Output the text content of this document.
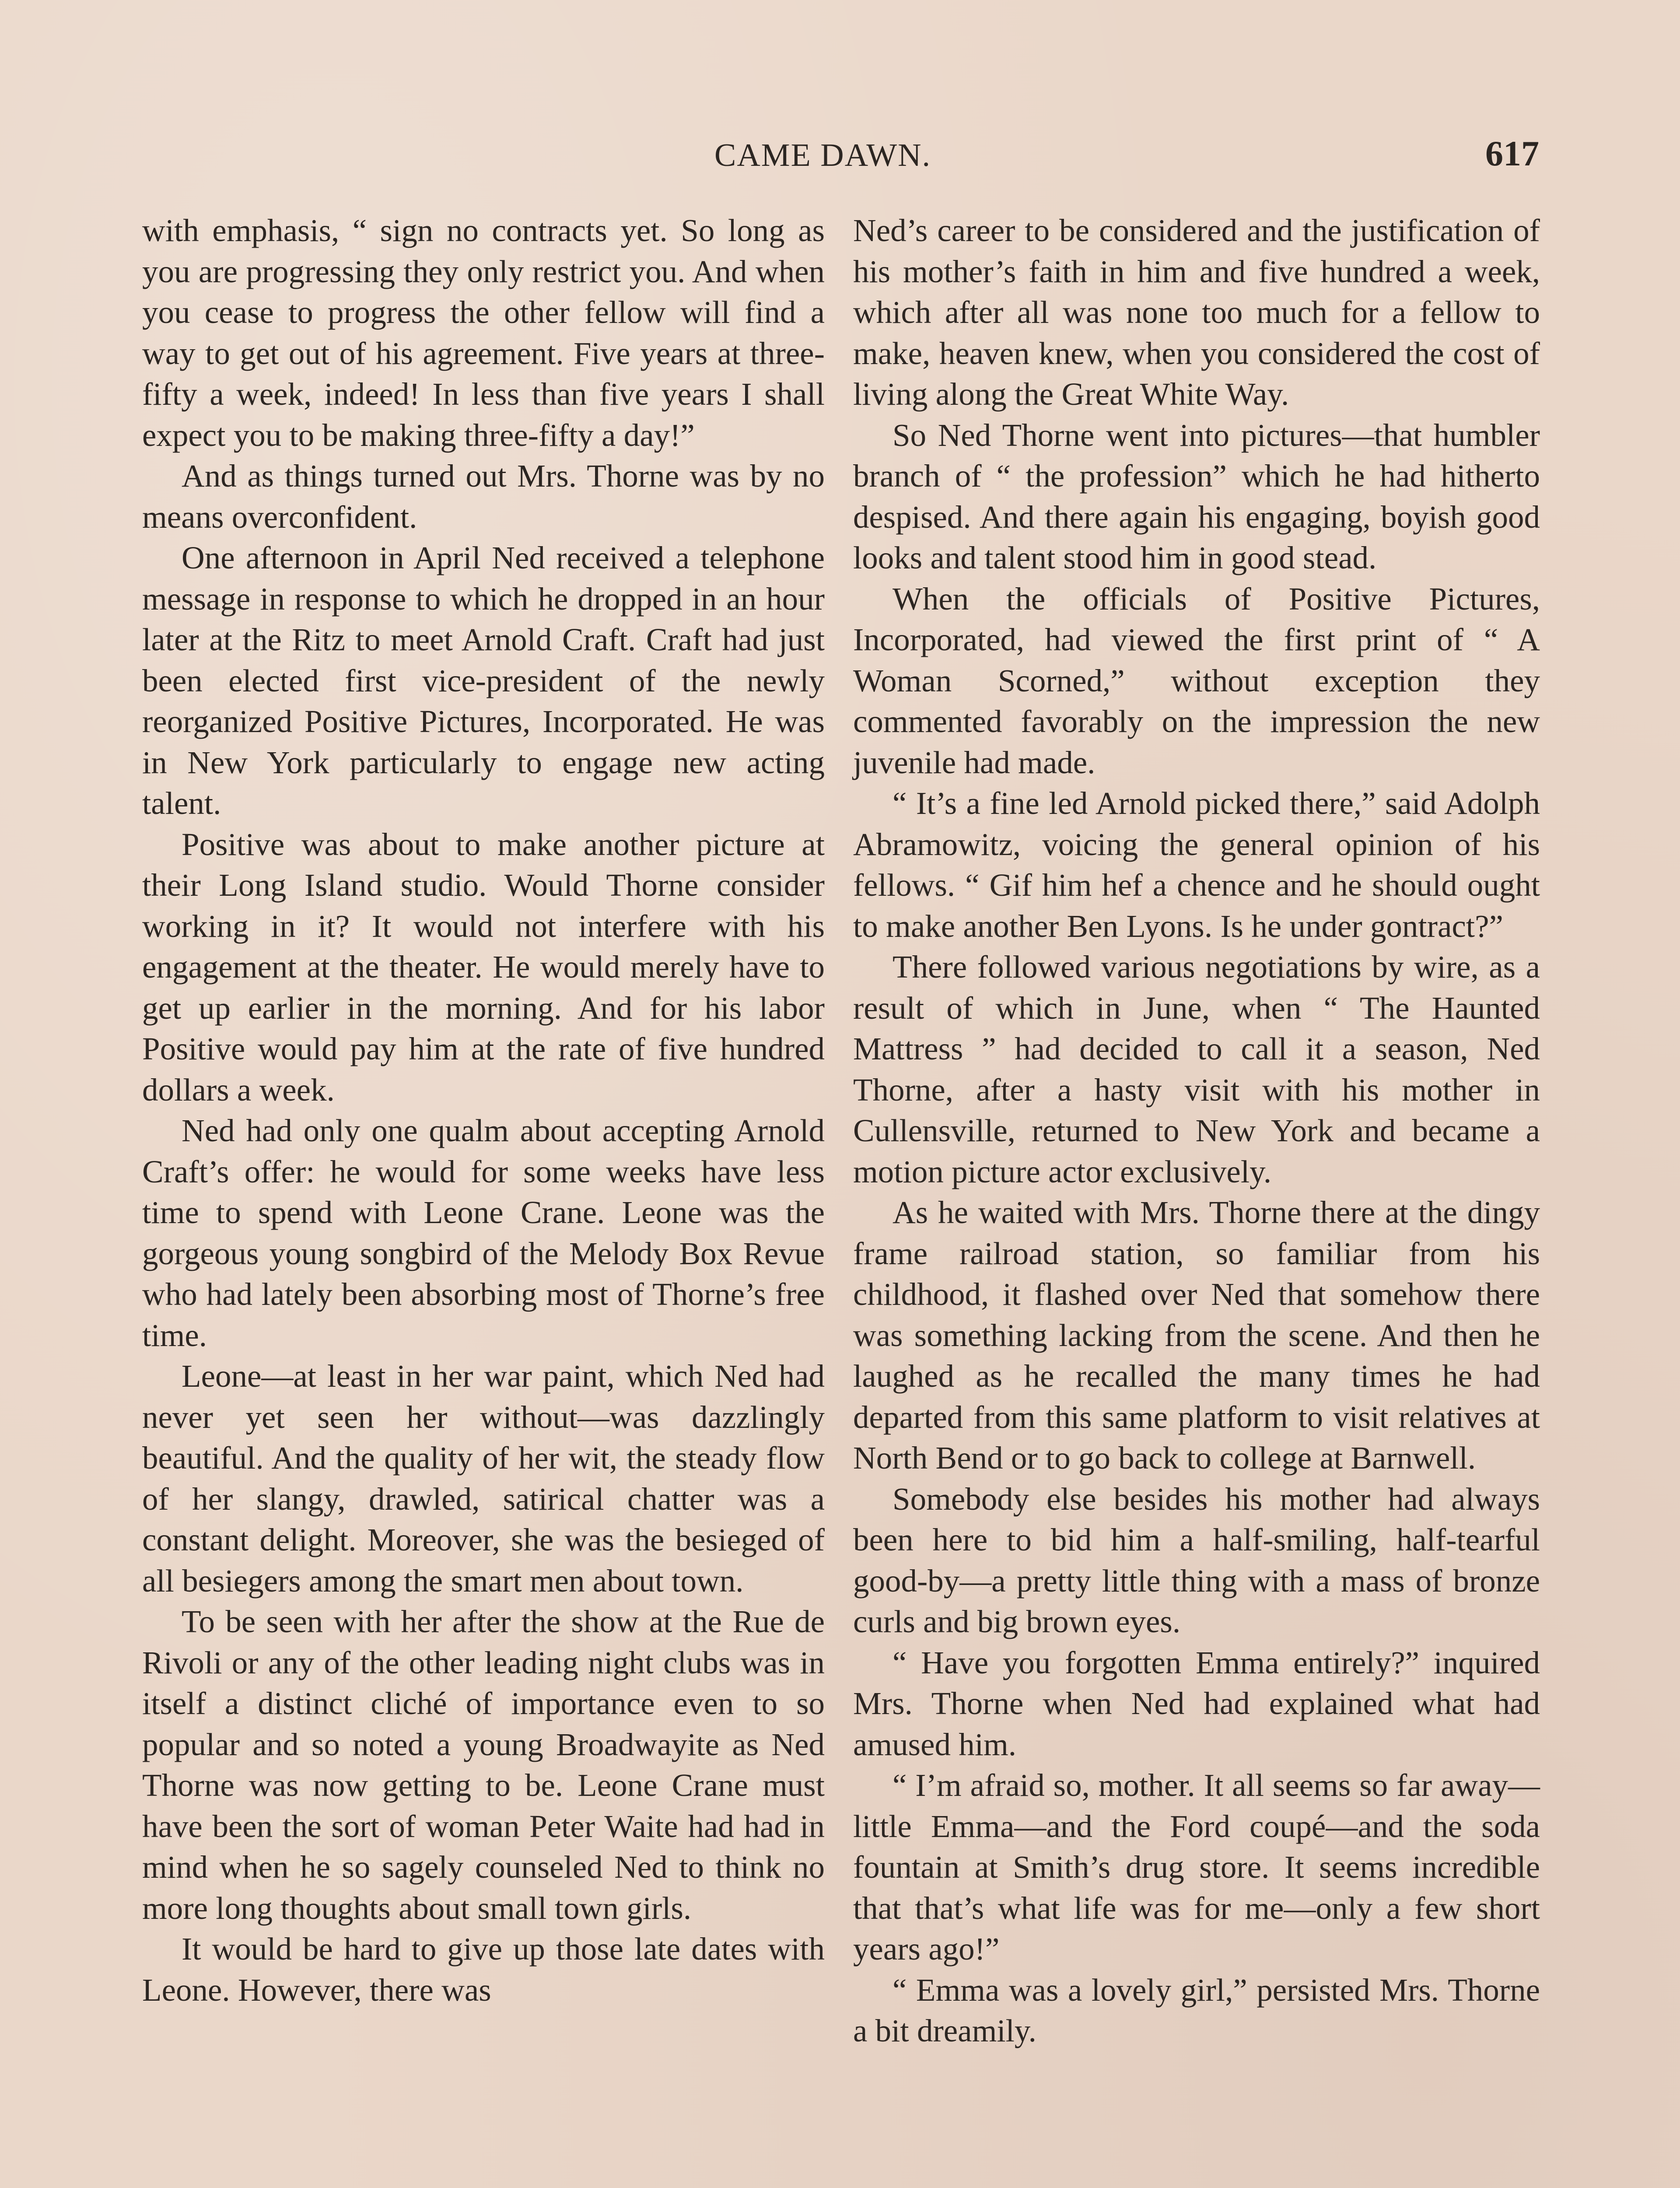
CAME DAWN.	617

with emphasis, “ sign no contracts yet. So long as you are progressing they only restrict you. And when you cease to progress the other fellow will find a way to get out of his agreement. Five years at three-fifty a week, indeed! In less than five years I shall expect you to be making three-fifty a day!”

And as things turned out Mrs. Thorne was by no means overconfident.

One afternoon in April Ned received a telephone message in response to which he dropped in an hour later at the Ritz to meet Arnold Craft. Craft had just been elected first vice-president of the newly reorganized Positive Pictures, Incorporated. He was in New York particularly to engage new acting talent.

Positive was about to make another picture at their Long Island studio. Would Thorne consider working in it? It would not interfere with his engagement at the theater. He would merely have to get up earlier in the morning. And for his labor Positive would pay him at the rate of five hundred dollars a week.

Ned had only one qualm about accepting Arnold Craft’s offer: he would for some weeks have less time to spend with Leone Crane. Leone was the gorgeous young songbird of the Melody Box Revue who had lately been absorbing most of Thorne’s free time.

Leone—at least in her war paint, which Ned had never yet seen her without—was dazzlingly beautiful. And the quality of her wit, the steady flow of her slangy, drawled, satirical chatter was a constant delight. Moreover, she was the besieged of all besiegers among the smart men about town.

To be seen with her after the show at the Rue de Rivoli or any of the other leading night clubs was in itself a distinct cliché of importance even to so popular and so noted a young Broadwayite as Ned Thorne was now getting to be. Leone Crane must have been the sort of woman Peter Waite had had in mind when he so sagely counseled Ned to think no more long thoughts about small town girls.

It would be hard to give up those late dates with Leone. However, there was

Ned’s career to be considered and the justification of his mother’s faith in him and five hundred a week, which after all was none too much for a fellow to make, heaven knew, when you considered the cost of living along the Great White Way.

So Ned Thorne went into pictures—that humbler branch of “ the profession” which he had hitherto despised. And there again his engaging, boyish good looks and talent stood him in good stead.

When the officials of Positive Pictures, Incorporated, had viewed the first print of “ A Woman Scorned,” without exception they commented favorably on the impression the new juvenile had made.

“ It’s a fine led Arnold picked there,” said Adolph Abramowitz, voicing the general opinion of his fellows. “ Gif him hef a chence and he should ought to make another Ben Lyons. Is he under gontract?”

There followed various negotiations by wire, as a result of which in June, when “ The Haunted Mattress ” had decided to call it a season, Ned Thorne, after a hasty visit with his mother in Cullensville, returned to New York and became a motion picture actor exclusively.

As he waited with Mrs. Thorne there at the dingy frame railroad station, so familiar from his childhood, it flashed over Ned that somehow there was something lacking from the scene. And then he laughed as he recalled the many times he had departed from this same platform to visit relatives at North Bend or to go back to college at Barnwell.

Somebody else besides his mother had always been here to bid him a half-smiling, half-tearful good-by—a pretty little thing with a mass of bronze curls and big brown eyes.

“ Have you forgotten Emma entirely?” inquired Mrs. Thorne when Ned had explained what had amused him.

“ I’m afraid so, mother. It all seems so far away—little Emma—and the Ford coupé—and the soda fountain at Smith’s drug store. It seems incredible that that’s what life was for me—only a few short years ago!”

“ Emma was a lovely girl,” persisted Mrs. Thorne a bit dreamily.
